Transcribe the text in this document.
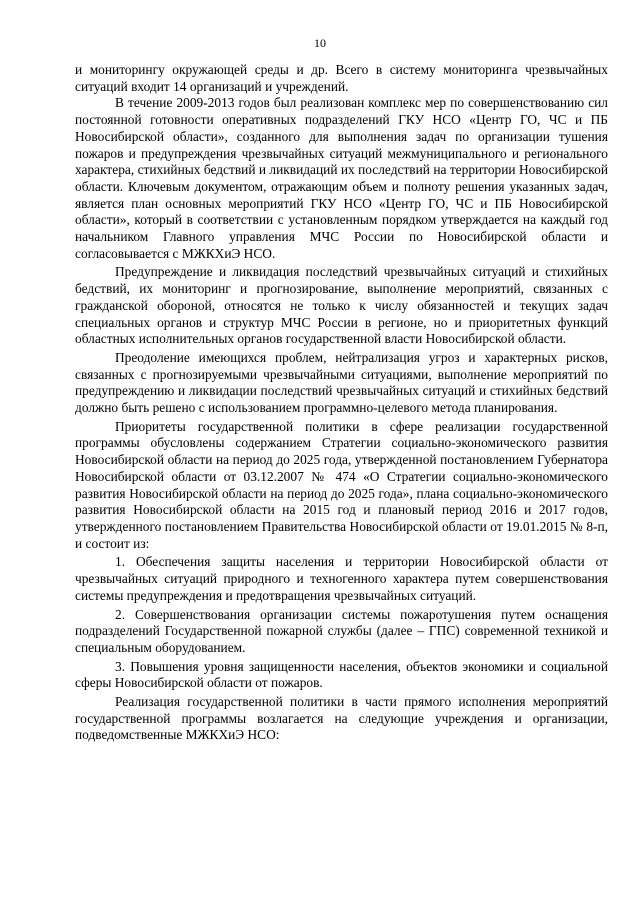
10

и мониторингу окружающей среды и др. Всего в систему мониторинга чрезвычайных ситуаций входит 14 организаций и учреждений.

В течение 2009-2013 годов был реализован комплекс мер по совершенствованию сил постоянной готовности оперативных подразделений ГКУ НСО «Центр ГО, ЧС и ПБ Новосибирской области», созданного для выполнения задач по организации тушения пожаров и предупреждения чрезвычайных ситуаций межмуниципального и регионального характера, стихийных бедствий и ликвидаций их последствий на территории Новосибирской области. Ключевым документом, отражающим объем и полноту решения указанных задач, является план основных мероприятий ГКУ НСО «Центр ГО, ЧС и ПБ Новосибирской области», который в соответствии с установленным порядком утверждается на каждый год начальником Главного управления МЧС России по Новосибирской области и согласовывается с МЖКХиЭ НСО.

Предупреждение и ликвидация последствий чрезвычайных ситуаций и стихийных бедствий, их мониторинг и прогнозирование, выполнение мероприятий, связанных с гражданской обороной, относятся не только к числу обязанностей и текущих задач специальных органов и структур МЧС России в регионе, но и приоритетных функций областных исполнительных органов государственной власти Новосибирской области.

Преодоление имеющихся проблем, нейтрализация угроз и характерных рисков, связанных с прогнозируемыми чрезвычайными ситуациями, выполнение мероприятий по предупреждению и ликвидации последствий чрезвычайных ситуаций и стихийных бедствий должно быть решено с использованием программно-целевого метода планирования.

Приоритеты государственной политики в сфере реализации государственной программы обусловлены содержанием Стратегии социально-экономического развития Новосибирской области на период до 2025 года, утвержденной постановлением Губернатора Новосибирской области от 03.12.2007 № 474 «О Стратегии социально-экономического развития Новосибирской области на период до 2025 года», плана социально-экономического развития Новосибирской области на 2015 год и плановый период 2016 и 2017 годов, утвержденного постановлением Правительства Новосибирской области от 19.01.2015 № 8-п, и состоит из:

1. Обеспечения защиты населения и территории Новосибирской области от чрезвычайных ситуаций природного и техногенного характера путем совершенствования системы предупреждения и предотвращения чрезвычайных ситуаций.

2. Совершенствования организации системы пожаротушения путем оснащения подразделений Государственной пожарной службы (далее – ГПС) современной техникой и специальным оборудованием.

3. Повышения уровня защищенности населения, объектов экономики и социальной сферы Новосибирской области от пожаров.

Реализация государственной политики в части прямого исполнения мероприятий государственной программы возлагается на следующие учреждения и организации, подведомственные МЖКХиЭ НСО:
